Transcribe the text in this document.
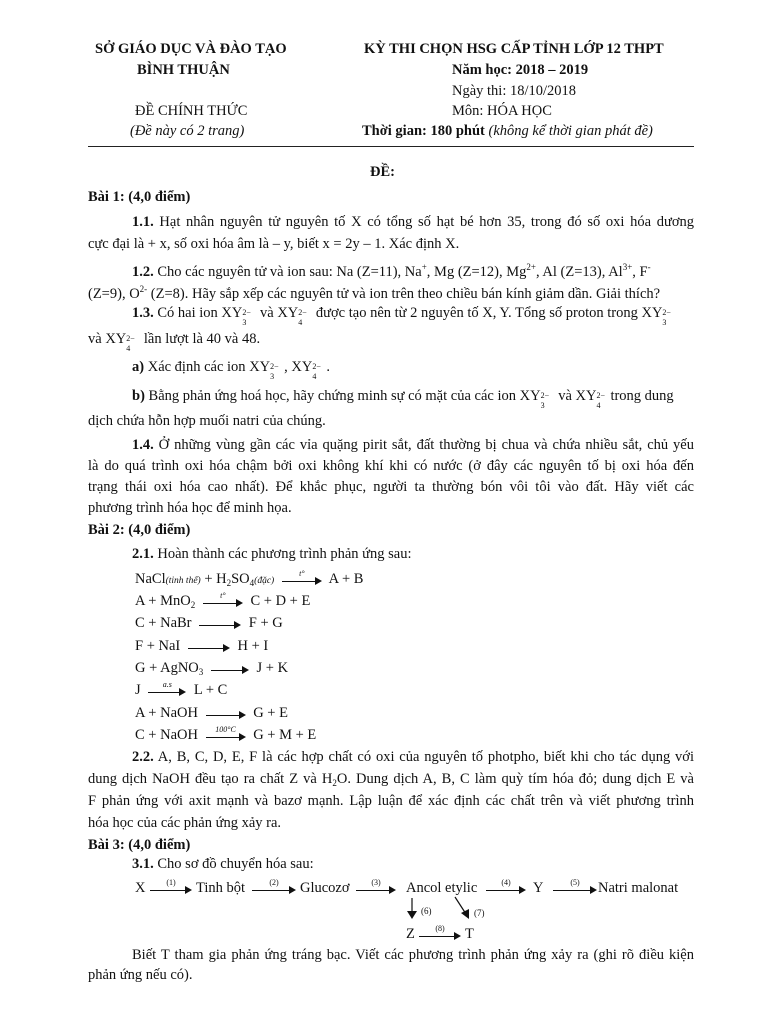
SỞ GIÁO DỤC VÀ ĐÀO TẠO
BÌNH THUẬN
ĐỀ CHÍNH THỨC
(Đề này có 2 trang)
KỲ THI CHỌN HSG CẤP TỈNH LỚP 12 THPT
Năm học: 2018 – 2019
Ngày thi: 18/10/2018
Môn: HÓA HỌC
Thời gian: 180 phút (không kể thời gian phát đề)
ĐỀ:
Bài 1: (4,0 điểm)
1.1. Hạt nhân nguyên tử nguyên tố X có tổng số hạt bé hơn 35, trong đó số oxi hóa dương
cực đại là + x, số oxi hóa âm là – y, biết x = 2y – 1. Xác định X.
1.2. Cho các nguyên tử và ion sau: Na (Z=11), Na+, Mg (Z=12), $Mg^{2+}$, Al (Z=13), $Al^{3+}$, F-
(Z=9), $O^{2-}$ (Z=8). Hãy sắp xếp các nguyên tử và ion trên theo chiều bán kính giảm dần. Giải thích?
1.3. Có hai ion XY 2−
3
và XY 2−
4
được tạo nên từ 2 nguyên tố X, Y. Tổng số proton trong XY 2−
3
và XY 2−
4
lần lượt là 40 và 48.
a) Xác định các ion XY 2−
3
, XY 2−
4
.
b) Bằng phản ứng hoá học, hãy chứng minh sự có mặt của các ion XY 2−
3
và XY 2−
4
trong dung
dịch chứa hỗn hợp muối natri của chúng.
1.4. Ở những vùng gần các vỉa quặng pirit sắt, đất thường bị chua và chứa nhiều sắt, chủ yếu
là do quá trình oxi hóa chậm bởi oxi không khí khi có nước (ở đây các nguyên tố bị oxi hóa đến
trạng thái oxi hóa cao nhất). Để khắc phục, người ta thường bón vôi tôi vào đất. Hãy viết các
phương trình hóa học để minh họa.
Bài 2: (4,0 điểm)
2.1. Hoàn thành các phương trình phản ứng sau:
NaCl(tinh thể) + $H_2SO_4(đặc)$
t°	A + B
A + MnO$_2$
t°	C + D + E
C + NaBr	F + G
F + NaI	H + I
G + AgNO$_3$	J + K
J	a.s	L + C
A + NaOH	G + E
C + NaOH	100°C	G + M + E
2.2. A, B, C, D, E, F là các hợp chất có oxi của nguyên tố photpho, biết khi cho tác dụng với
dung dịch NaOH đều tạo ra chất Z và $H_2O$. Dung dịch A, B, C làm quỳ tím hóa đỏ; dung dịch E và
F phản ứng với axit mạnh và bazơ mạnh. Lập luận để xác định các chất trên và viết phương trình
hóa học của các phản ứng xảy ra.
Bài 3: (4,0 điểm)
3.1. Cho sơ đồ chuyển hóa sau:
X	(1)	Tinh bột	(2)	Glucozơ	(3)	Ancol etylic	(4)	Y	(5)	Natri malonat
(6)	(7)
Z	(8)	T
Biết T tham gia phản ứng tráng bạc. Viết các phương trình phản ứng xảy ra (ghi rõ điều kiện
phản ứng nếu có).
